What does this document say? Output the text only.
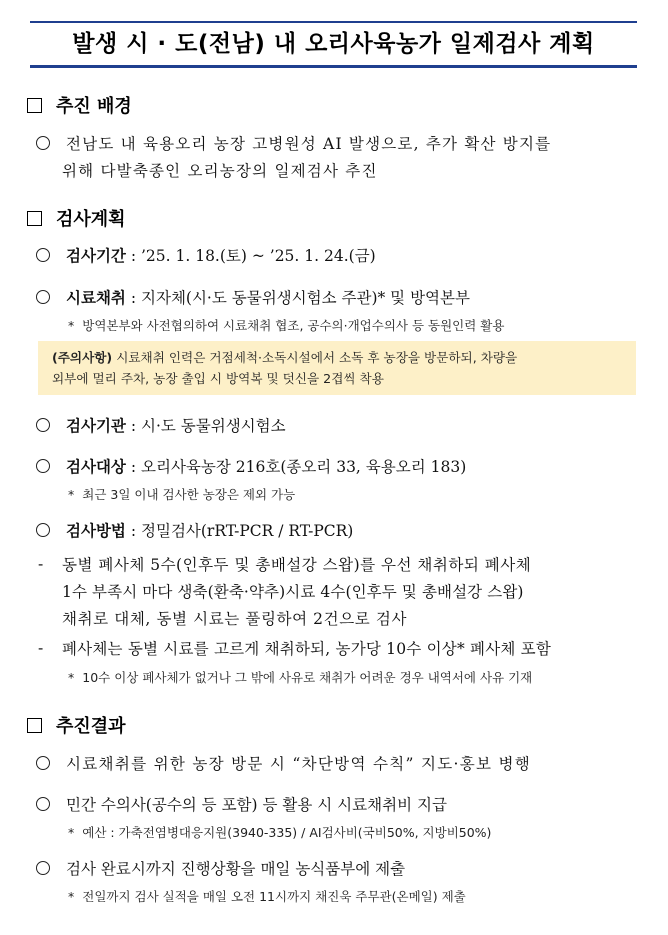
발생 시 · 도(전남) 내 오리사육농가 일제검사 계획
추진 배경
전남도 내 육용오리 농장 고병원성 AI 발생으로, 추가 확산 방지를
위해 다발축종인 오리농장의 일제검사 추진
검사계획
검사기간 : ’25. 1. 18.(토) ~ ’25. 1. 24.(금)
시료채취 : 지자체(시·도 동물위생시험소 주관)* 및 방역본부
* 방역본부와 사전협의하여 시료채취 협조, 공수의·개업수의사 등 동원인력 활용
(주의사항) 시료채취 인력은 거점세척·소독시설에서 소독 후 농장을 방문하되, 차량을
외부에 멀리 주차, 농장 출입 시 방역복 및 덧신을 2겹씩 착용
검사기관 : 시·도 동물위생시험소
검사대상 : 오리사육농장 216호(종오리 33, 육용오리 183)
* 최근 3일 이내 검사한 농장은 제외 가능
검사방법 : 정밀검사(rRT-PCR / RT-PCR)
- 동별 폐사체 5수(인후두 및 총배설강 스왑)를 우선 채취하되 폐사체
1수 부족시 마다 생축(환축·약추)시료 4수(인후두 및 총배설강 스왑)
채취로 대체, 동별 시료는 풀링하여 2건으로 검사
- 폐사체는 동별 시료를 고르게 채취하되, 농가당 10수 이상* 폐사체 포함
* 10수 이상 폐사체가 없거나 그 밖에 사유로 채취가 어려운 경우 내역서에 사유 기재
추진결과
시료채취를 위한 농장 방문 시 “차단방역 수칙” 지도·홍보 병행
민간 수의사(공수의 등 포함) 등 활용 시 시료채취비 지급
* 예산 : 가축전염병대응지원(3940-335) / AI검사비(국비50%, 지방비50%)
검사 완료시까지 진행상황을 매일 농식품부에 제출
* 전일까지 검사 실적을 매일 오전 11시까지 채진욱 주무관(온메일) 제출
